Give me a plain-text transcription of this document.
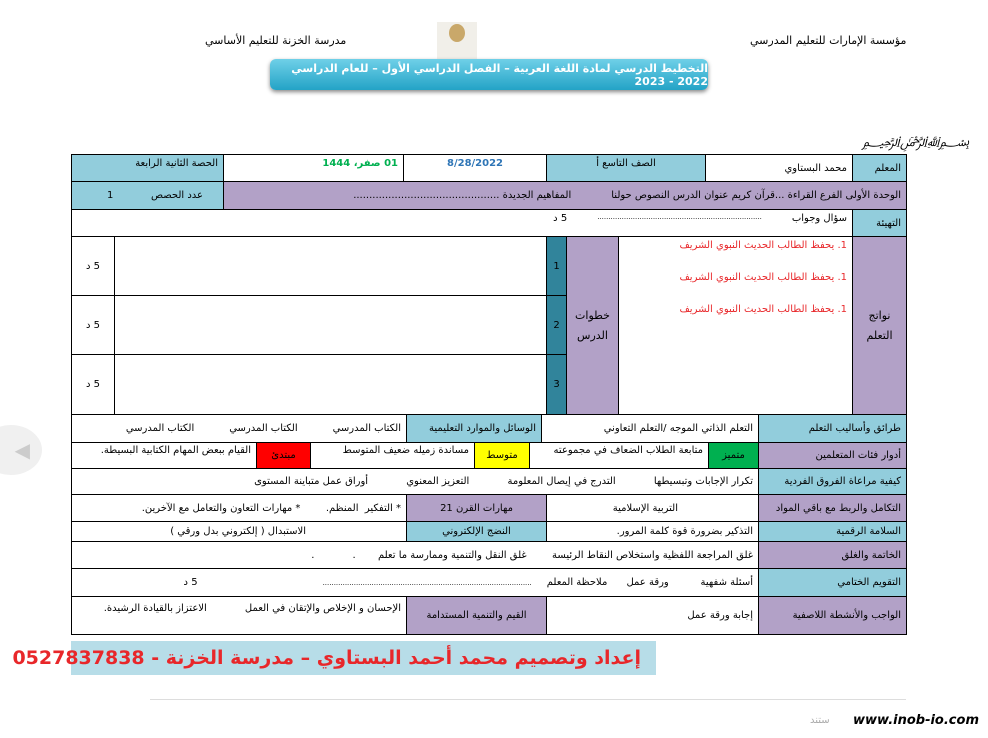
مؤسسة الإمارات للتعليم المدرسي
مدرسة الخزنة للتعليم الأساسي
التخطيط الدرسي لمادة اللغة العربية – الفصل الدراسي الأول – للعام الدراسي 2022 - 2023
﷽
المعلم
محمد البستاوي
الصف التاسع أ
8/28/2022
01 صفر، 1444
الحصة الثانية الرابعة
الوحدة الأولى الفرع القراءة ...قرآن كريم عنوان الدرس النصوص حولنا
المفاهيم الجديدة ..............................................
عدد الحصص
1
التهيئة
سؤال وجواب
..........................................................................
5 د
نواتج التعلم
1. يحفظ الطالب الحديث النبوي الشريف
1. يحفظ الطالب الحديث النبوي الشريف
1. يحفظ الطالب الحديث النبوي الشريف
خطوات الدرس
1
2
3
5 د
5 د
5 د
طرائق وأساليب التعلم
التعلم الذاتي الموجه /التعلم التعاوني
الوسائل والموارد التعليمية
الكتاب المدرسي           الكتاب المدرسي           الكتاب المدرسي
أدوار فئات المتعلمين
متميز
متابعة الطلاب الضعاف في مجموعته
متوسط
مساندة زميله ضعيف المتوسط
مبتدئ
القيام ببعض المهام الكتابية البسيطة.
كيفية مراعاة الفروق الفردية
تكرار الإجابات وتبسيطها            التدرج في إيصال المعلومة            التعزيز المعنوي            أوراق عمل متباينة المستوى
التكامل والربط مع باقي المواد
التربية الإسلامية
مهارات القرن 21
* التفكير  المنظم.        * مهارات التعاون والتعامل مع الآخرين.
السلامة الرقمية
التذكير بضرورة قوة كلمة المرور.
النضج الإلكتروني
الاستبدال ( إلكتروني بدل ورقي )
الخاتمة والغلق
غلق المراجعة اللفظية واستخلاص النقاط الرئيسة        غلق النقل والتنمية وممارسة ما تعلم       .            .
التقويم الختامي
أسئلة شفهية          ورقة عمل      ملاحظة المعلم
..............................................................................................
5 د
الواجب والأنشطة اللاصفية
إجابة ورقة عمل
القيم والتنمية المستدامة
الإحسان و الإخلاص والإتقان في العمل            الاعتزاز بالقيادة الرشيدة.
إعداد وتصميم محمد أحمد البستاوي – مدرسة الخزنة - 0527837838
ستند www.inob-io.com
◀
